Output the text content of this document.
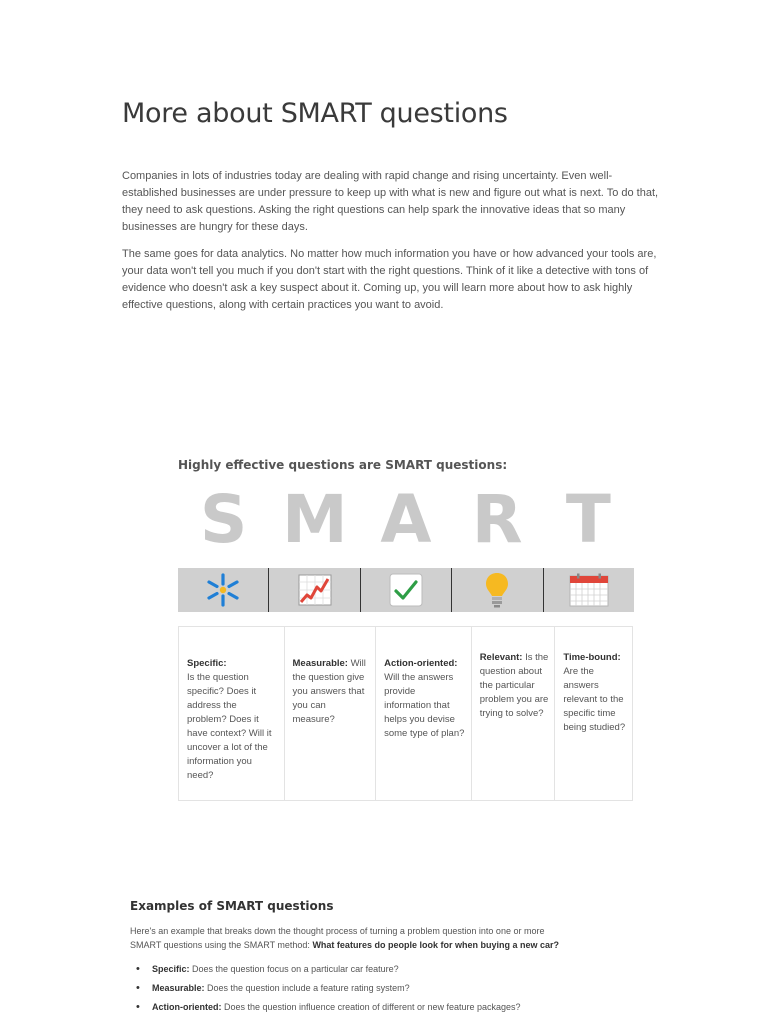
More about SMART questions

Companies in lots of industries today are dealing with rapid change and rising uncertainty. Even well-established businesses are under pressure to keep up with what is new and figure out what is next. To do that, they need to ask questions. Asking the right questions can help spark the innovative ideas that so many businesses are hungry for these days.

The same goes for data analytics. No matter how much information you have or how advanced your tools are, your data won't tell you much if you don't start with the right questions. Think of it like a detective with tons of evidence who doesn't ask a key suspect about it. Coming up, you will learn more about how to ask highly effective questions, along with certain practices you want to avoid.

Highly effective questions are SMART questions:
S M A R T
Specific:
Is the question specific? Does it address the problem? Does it have context? Will it uncover a lot of the information you need?
Measurable: Will the question give you answers that you can measure?
Action-oriented: Will the answers provide information that helps you devise some type of plan?
Relevant: Is the question about the particular problem you are trying to solve?
Time-bound: Are the answers relevant to the specific time being studied?
Examples of SMART questions

Here's an example that breaks down the thought process of turning a problem question into one or more SMART questions using the SMART method: What features do people look for when buying a new car?

• Specific: Does the question focus on a particular car feature?
• Measurable: Does the question include a feature rating system?
• Action-oriented: Does the question influence creation of different or new feature packages?
